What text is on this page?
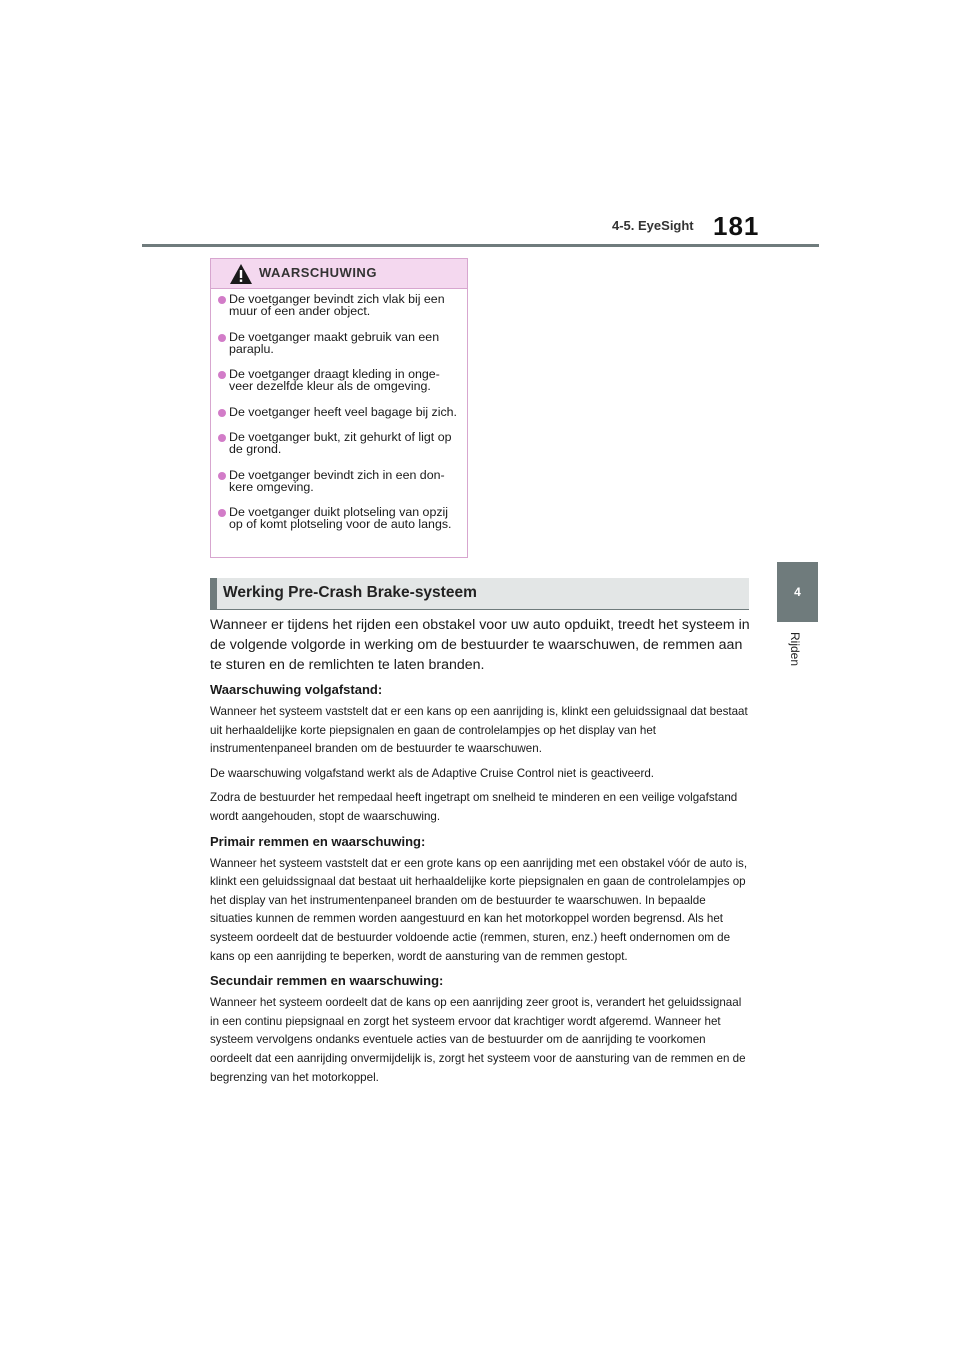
4-5. EyeSight 181
4
Rijden
WAARSCHUWING
De voetganger bevindt zich vlak bij een muur of een ander object.
De voetganger maakt gebruik van een paraplu.
De voetganger draagt kleding in onge-veer dezelfde kleur als de omgeving.
De voetganger heeft veel bagage bij zich.
De voetganger bukt, zit gehurkt of ligt op de grond.
De voetganger bevindt zich in een don-kere omgeving.
De voetganger duikt plotseling van opzij op of komt plotseling voor de auto langs.
Werking Pre-Crash Brake-systeem

Wanneer er tijdens het rijden een obstakel voor uw auto opduikt, treedt het systeem in de volgende volgorde in werking om de bestuurder te waarschuwen, de remmen aan te sturen en de remlichten te laten branden.

Waarschuwing volgafstand:

Wanneer het systeem vaststelt dat er een kans op een aanrijding is, klinkt een geluidssignaal dat bestaat uit herhaaldelijke korte piepsignalen en gaan de controlelampjes op het display van het instrumentenpaneel branden om de bestuurder te waarschuwen.

De waarschuwing volgafstand werkt als de Adaptive Cruise Control niet is geactiveerd.

Zodra de bestuurder het rempedaal heeft ingetrapt om snelheid te minderen en een veilige volgafstand wordt aangehouden, stopt de waarschuwing.

Primair remmen en waarschuwing:

Wanneer het systeem vaststelt dat er een grote kans op een aanrijding met een obstakel vóór de auto is, klinkt een geluidssignaal dat bestaat uit herhaaldelijke korte piepsignalen en gaan de controlelampjes op het display van het instrumentenpaneel branden om de bestuurder te waarschuwen. In bepaalde situaties kunnen de remmen worden aangestuurd en kan het motorkoppel worden begrensd. Als het systeem oordeelt dat de bestuurder voldoende actie (remmen, sturen, enz.) heeft ondernomen om de kans op een aanrijding te beperken, wordt de aansturing van de remmen gestopt.

Secundair remmen en waarschuwing:

Wanneer het systeem oordeelt dat de kans op een aanrijding zeer groot is, verandert het geluidssignaal in een continu piepsignaal en zorgt het systeem ervoor dat krachtiger wordt afgeremd. Wanneer het systeem vervolgens ondanks eventuele acties van de bestuurder om de aanrijding te voorkomen oordeelt dat een aanrijding onvermijdelijk is, zorgt het systeem voor de aansturing van de remmen en de begrenzing van het motorkoppel.
